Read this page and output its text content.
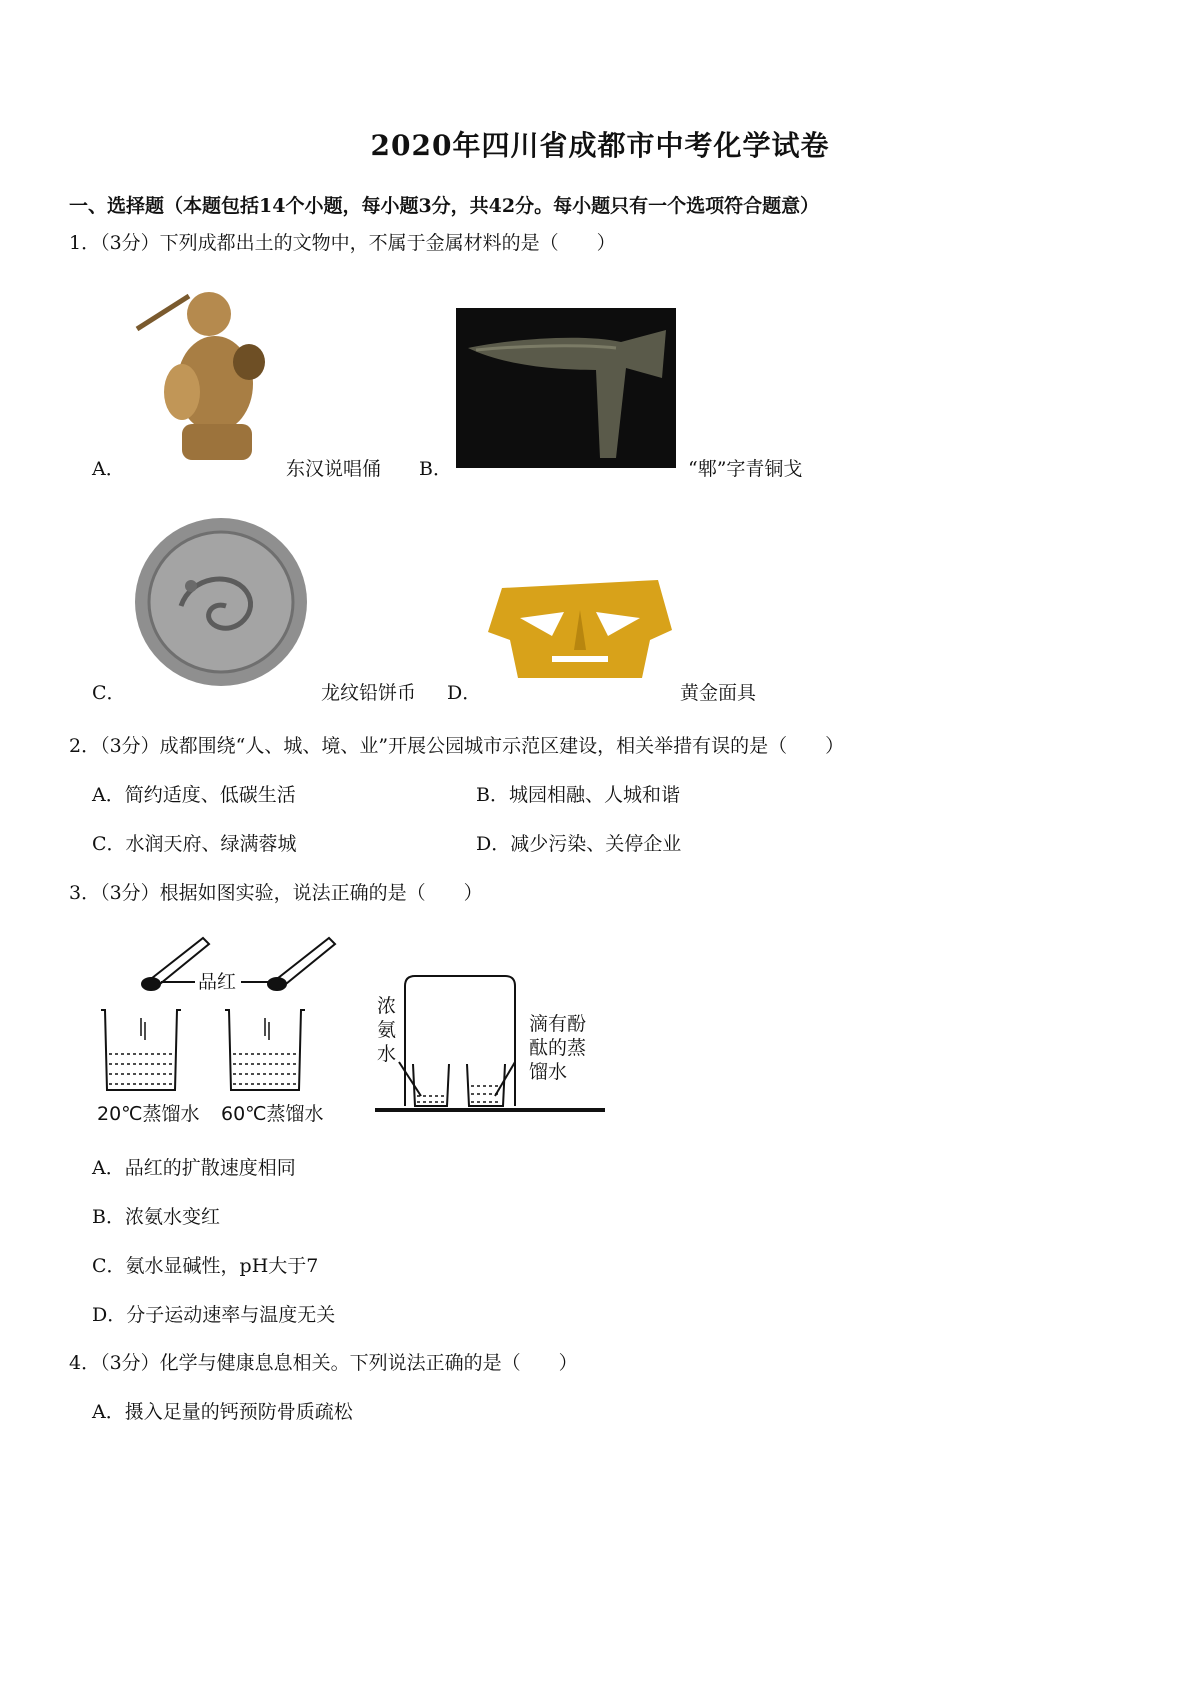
2020年四川省成都市中考化学试卷
一、选择题（本题包括14个小题，每小题3分，共42分。每小题只有一个选项符合题意）
1．（3分）下列成都出土的文物中，不属于金属材料的是（　　）
A．	东汉说唱俑 B．	“郫”字青铜戈
C．	龙纹铅饼币 D．	黄金面具
2．（3分）成都围绕“人、城、境、业”开展公园城市示范区建设，相关举措有误的是（　　）
A．简约适度、低碳生活	B．城园相融、人城和谐
C．水润天府、绿满蓉城	D．减少污染、关停企业
3．（3分）根据如图实验，说法正确的是（　　）
品红
20℃蒸馏水 60℃蒸馏水
浓
氨
水
滴有酚
酞的蒸
馏水
A．品红的扩散速度相同
B．浓氨水变红
C．氨水显碱性，pH大于7
D．分子运动速率与温度无关
4．（3分）化学与健康息息相关。下列说法正确的是（　　）
A．摄入足量的钙预防骨质疏松
